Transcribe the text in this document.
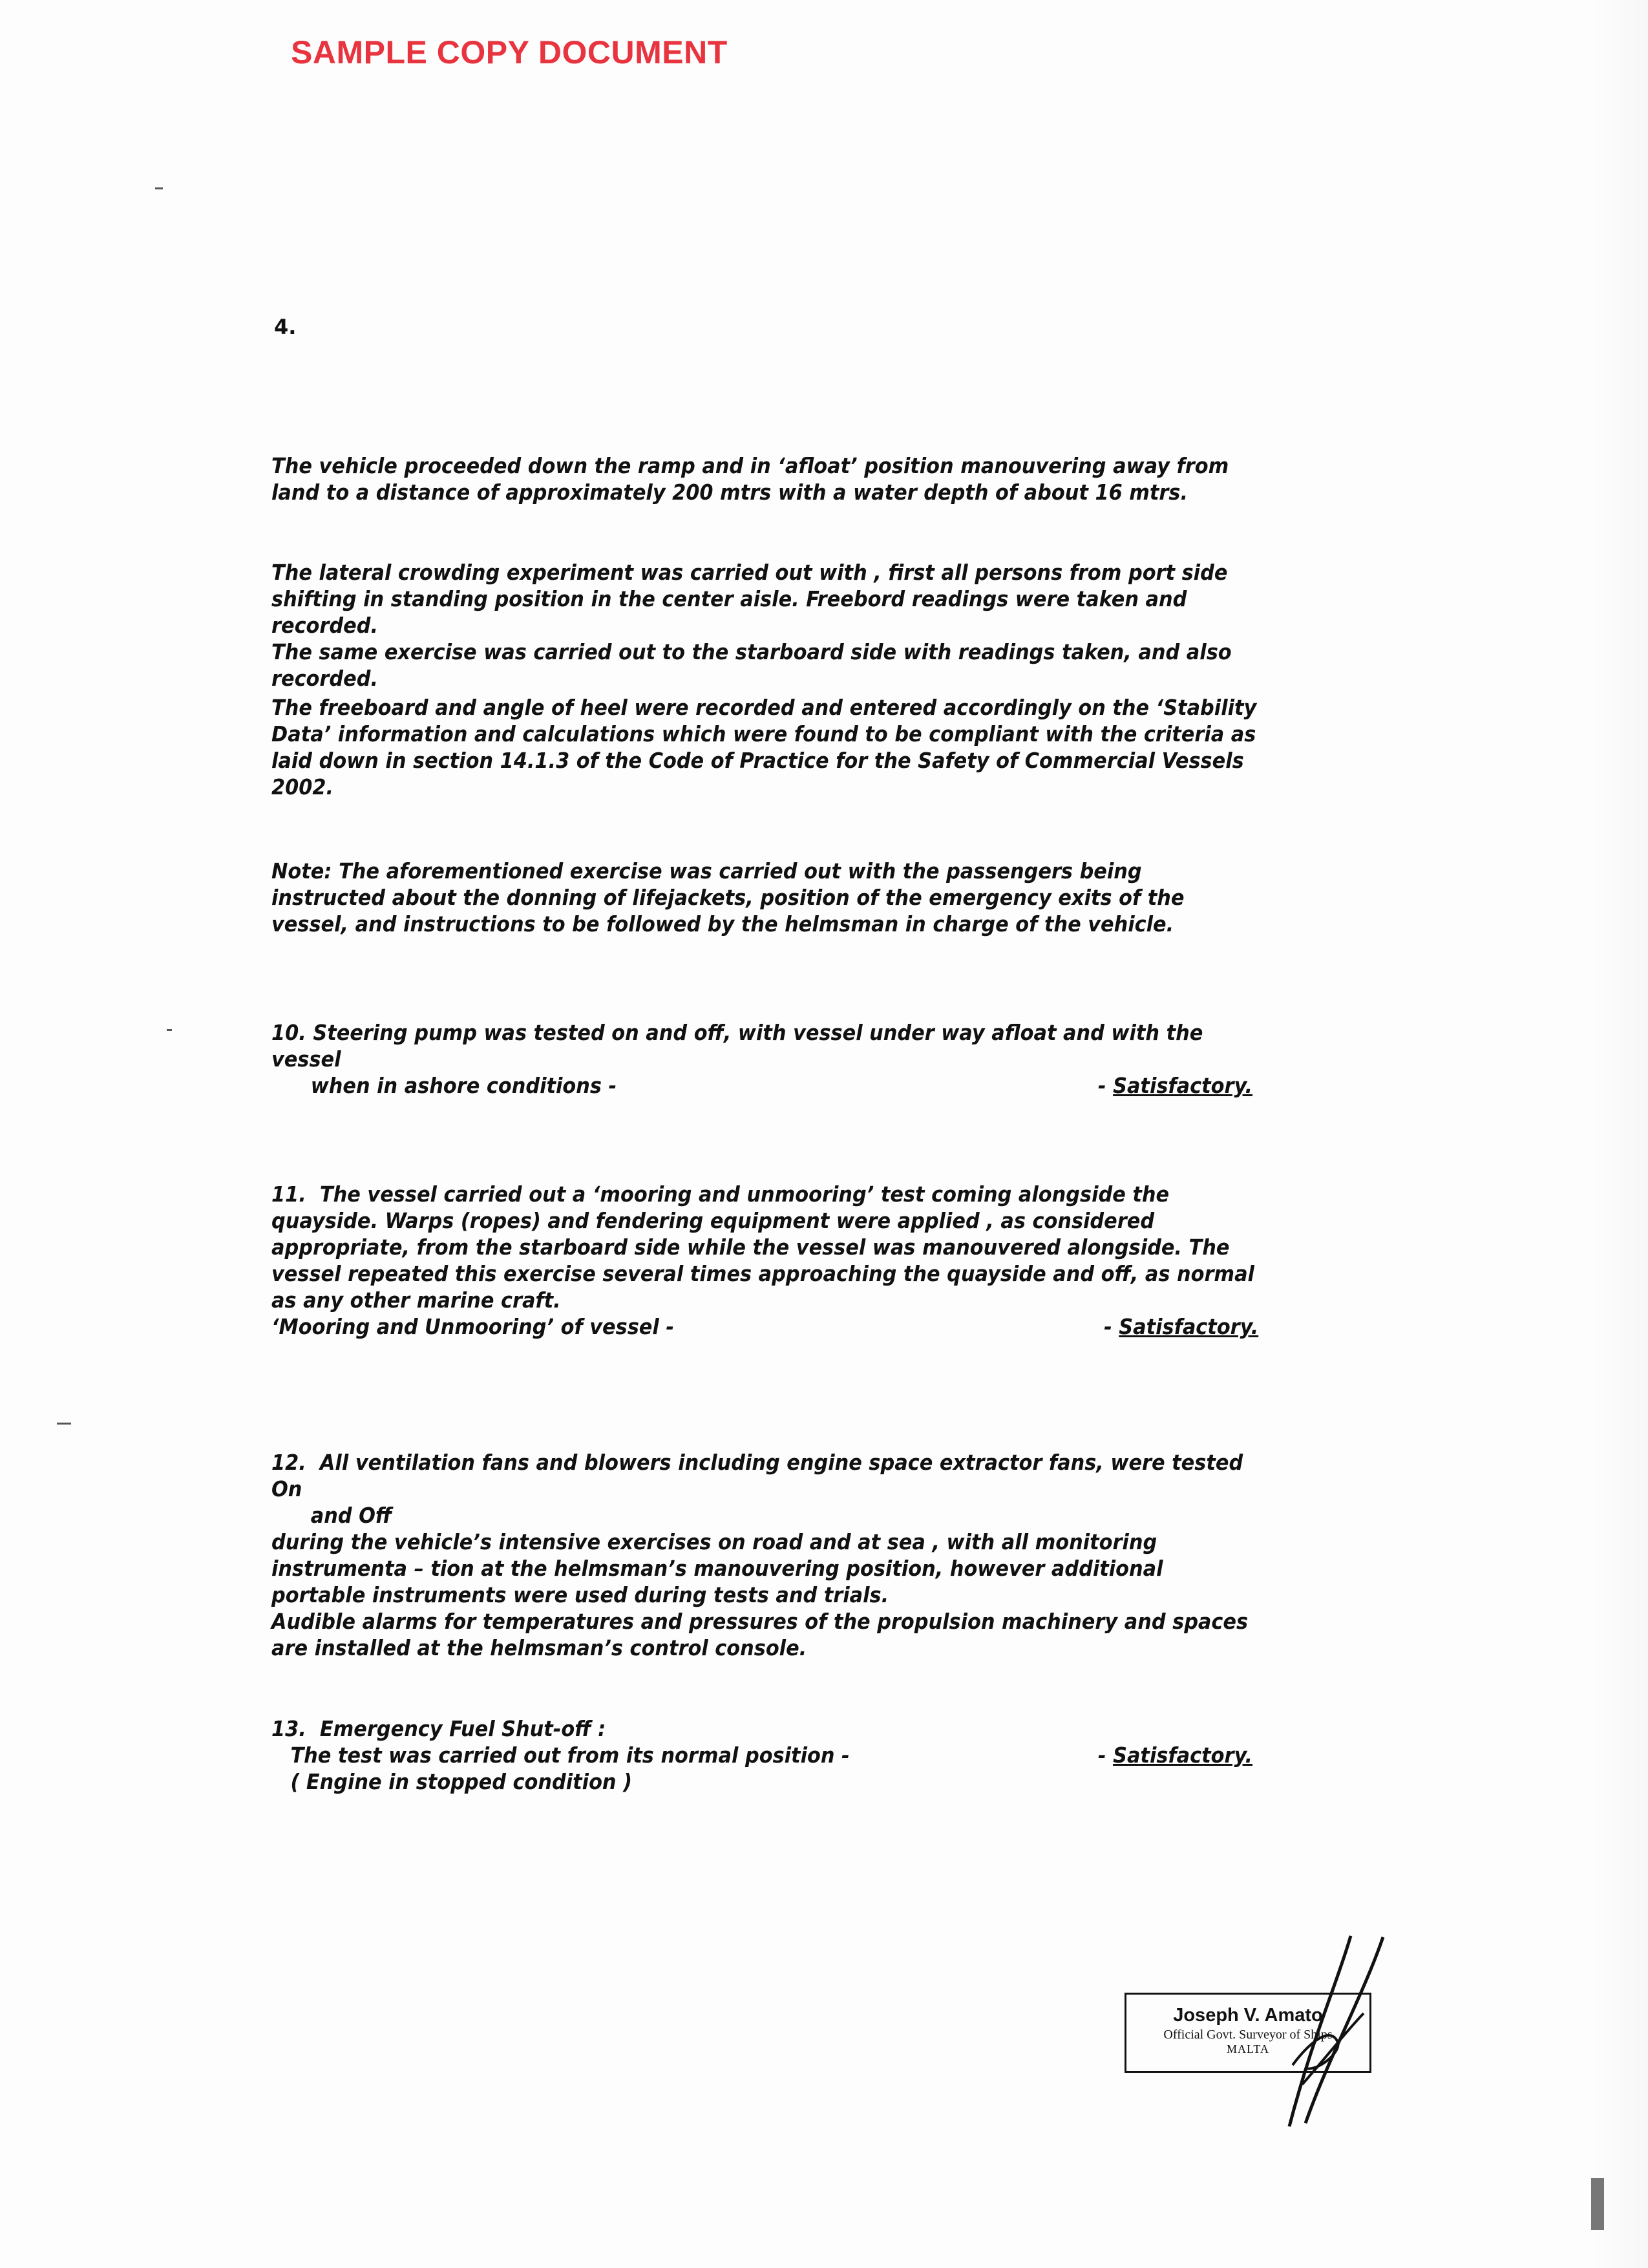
SAMPLE COPY DOCUMENT
4.

The vehicle proceeded down the ramp and in ‘afloat’ position manouvering away from land to a distance of approximately 200 mtrs with a water depth of about 16 mtrs.

The lateral crowding experiment was carried out with , first all persons from port side shifting in standing position in the center aisle. Freebord readings were taken and recorded.

The same exercise was carried out to the starboard side with readings taken, and also recorded.

The freeboard and angle of heel were recorded and entered accordingly on the ‘Stability Data’ information and calculations which were found to be compliant with the criteria as laid down in section 14.1.3 of the Code of Practice for the Safety of Commercial Vessels 2002.

Note: The aforementioned exercise was carried out with the passengers being instructed about the donning of lifejackets, position of the emergency exits of the vessel, and instructions to be followed by the helmsman in charge of the vehicle.

10. Steering pump was tested on and off, with vessel under way afloat and with the vessel

when in ashore conditions -	- Satisfactory.

11. The vessel carried out a ‘mooring and unmooring’ test coming alongside the quayside. Warps (ropes) and fendering equipment were applied , as considered appropriate, from the starboard side while the vessel was manouvered alongside. The vessel repeated this exercise several times approaching the quayside and off, as normal as any other marine craft.

‘Mooring and Unmooring’ of vessel -	- Satisfactory.

12. All ventilation fans and blowers including engine space extractor fans, were tested On

and Off

during the vehicle’s intensive exercises on road and at sea , with all monitoring instrumenta – tion at the helmsman’s manouvering position, however additional portable instruments were used during tests and trials.

Audible alarms for temperatures and pressures of the propulsion machinery and spaces are installed at the helmsman’s control console.

13. Emergency Fuel Shut-off :

The test was carried out from its normal position -	- Satisfactory.

( Engine in stopped condition )

Joseph V. Amato
Official Govt. Surveyor of Ships
MALTA
